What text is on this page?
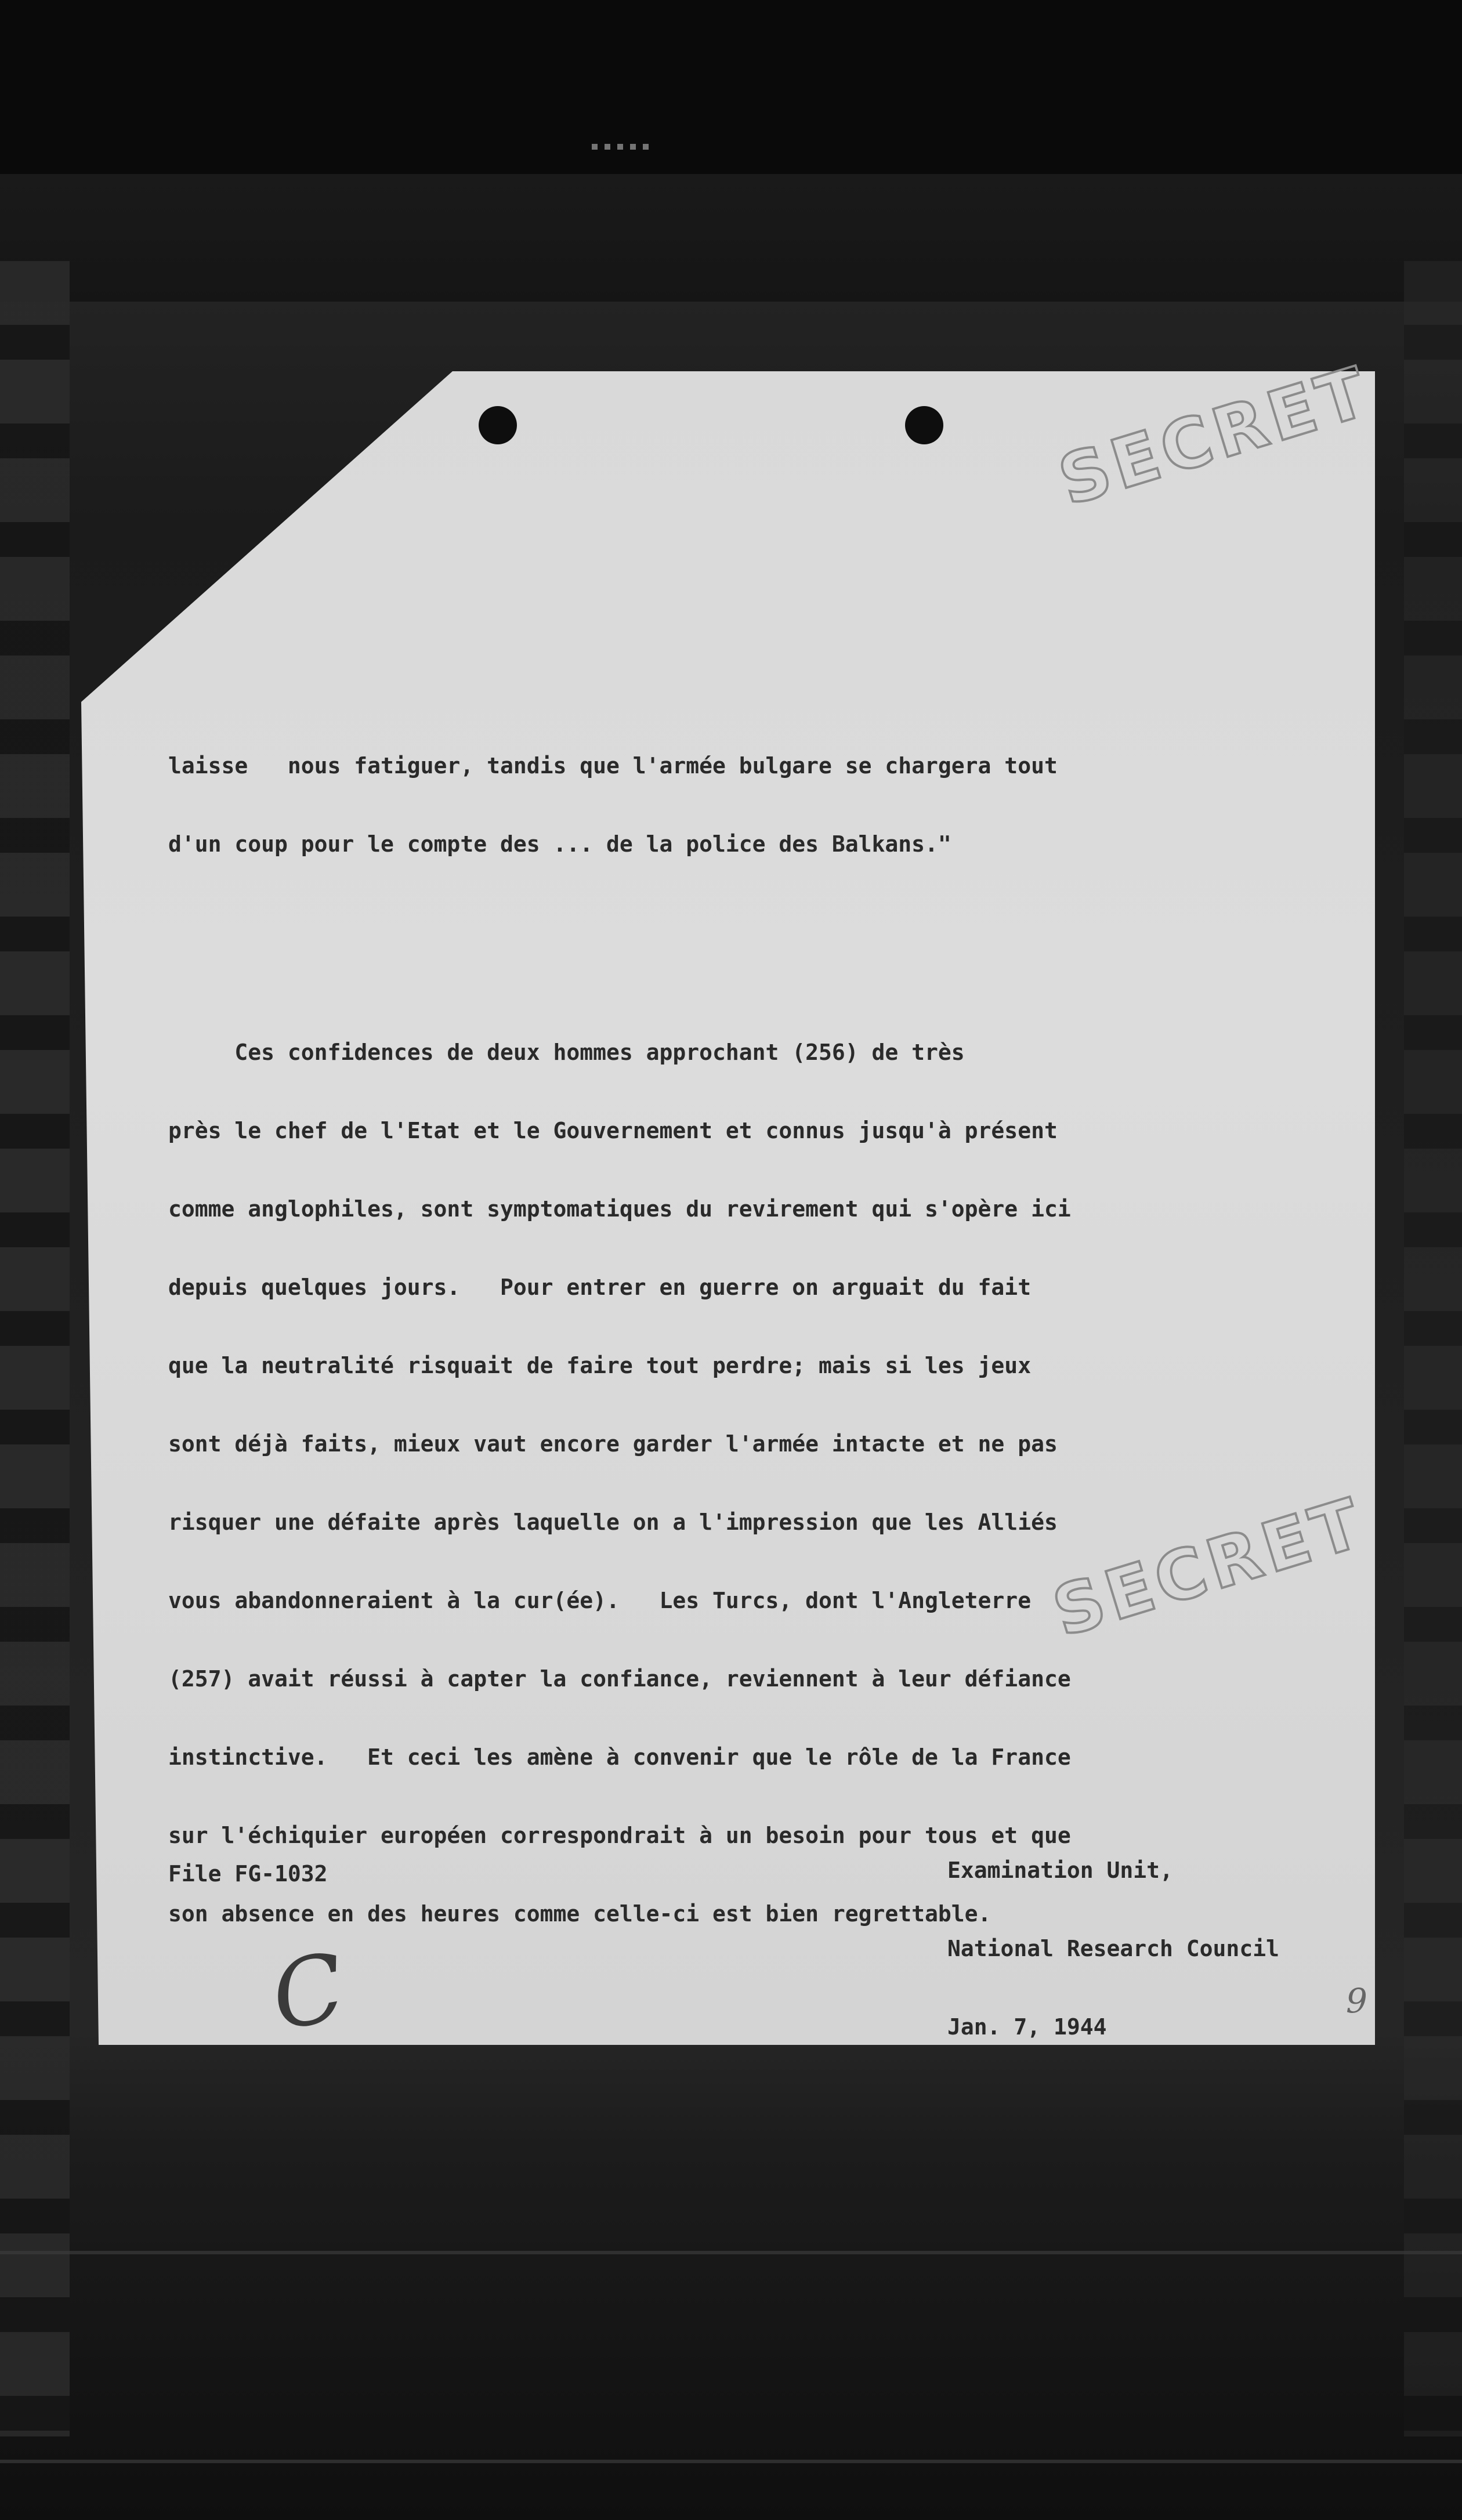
SECRET
SECRET

laisse   nous fatiguer, tandis que l'armée bulgare se chargera tout

d'un coup pour le compte des ... de la police des Balkans."

Ces confidences de deux hommes approchant (256) de très

près le chef de l'Etat et le Gouvernement et connus jusqu'à présent

comme anglophiles, sont symptomatiques du revirement qui s'opère ici

depuis quelques jours.   Pour entrer en guerre on arguait du fait

que la neutralité risquait de faire tout perdre; mais si les jeux

sont déjà faits, mieux vaut encore garder l'armée intacte et ne pas

risquer une défaite après laquelle on a l'impression que les Alliés

vous abandonneraient à la cur(ée).   Les Turcs, dont l'Angleterre

(257) avait réussi à capter la confiance, reviennent à leur défiance

instinctive.   Et ceci les amène à convenir que le rôle de la France

sur l'échiquier européen correspondrait à un besoin pour tous et que

son absence en des heures comme celle-ci est bien regrettable.

Examination Unit,

National Research Council

Jan. 7, 1944

File FG-1032
C	9
